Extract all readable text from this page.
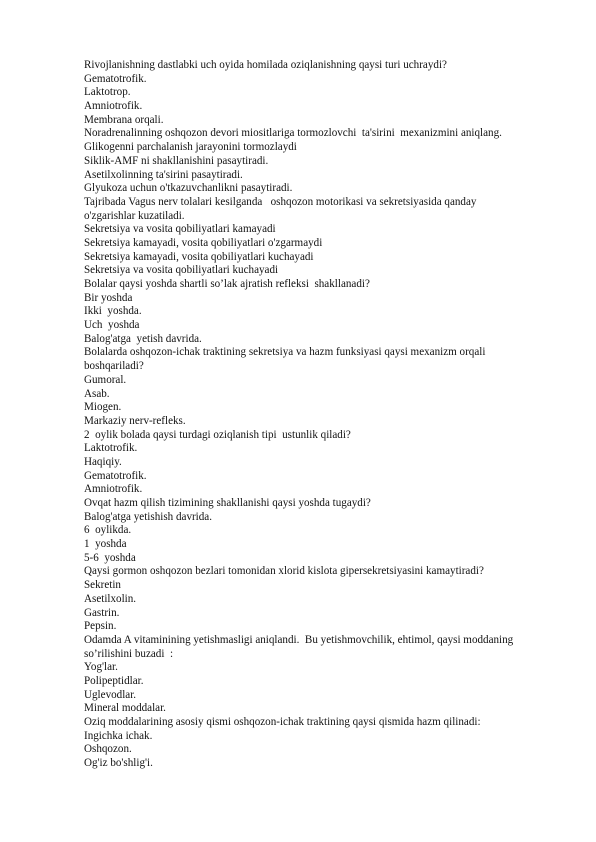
Rivojlanishning dastlabki uch oyida homilada oziqlanishning qaysi turi uchraydi?
Gematotrofik.
Laktotrop.
Amniotrofik.
Membrana orqali.
Noradrenalinning oshqozon devori miositlariga tormozlovchi  ta'sirini  mexanizmini aniqlang.
Glikogenni parchalanish jarayonini tormozlaydi
Siklik-AMF ni shakllanishini pasaytiradi.
Asetilxolinning ta'sirini pasaytiradi.
Glyukoza uchun o'tkazuvchanlikni pasaytiradi.
Tajribada Vagus nerv tolalari kesilganda   oshqozon motorikasi va sekretsiyasida qanday
o'zgarishlar kuzatiladi.
Sekretsiya va vosita qobiliyatlari kamayadi
Sekretsiya kamayadi, vosita qobiliyatlari o'zgarmaydi
Sekretsiya kamayadi, vosita qobiliyatlari kuchayadi
Sekretsiya va vosita qobiliyatlari kuchayadi
Bolalar qaysi yoshda shartli so’lak ajratish refleksi  shakllanadi?
Bir yoshda
Ikki  yoshda.
Uch  yoshda
Balog'atga  yetish davrida.
Bolalarda oshqozon-ichak traktining sekretsiya va hazm funksiyasi qaysi mexanizm orqali
boshqariladi?
Gumoral.
Asab.
Miogen.
Markaziy nerv-refleks.
2  oylik bolada qaysi turdagi oziqlanish tipi  ustunlik qiladi?
Laktotrofik.
Haqiqiy.
Gematotrofik.
Amniotrofik.
Ovqat hazm qilish tizimining shakllanishi qaysi yoshda tugaydi?
Balog'atga yetishish davrida.
6  oylikda.
1  yoshda
5-6  yoshda
Qaysi gormon oshqozon bezlari tomonidan xlorid kislota gipersekretsiyasini kamaytiradi?
Sekretin
Asetilxolin.
Gastrin.
Pepsin.
Odamda A vitaminining yetishmasligi aniqlandi.  Bu yetishmovchilik, ehtimol, qaysi moddaning
so’rilishini buzadi  :
Yog'lar.
Polipeptidlar.
Uglevodlar.
Mineral moddalar.
Oziq moddalarining asosiy qismi oshqozon-ichak traktining qaysi qismida hazm qilinadi:
Ingichka ichak.
Oshqozon.
Og'iz bo'shlig'i.
